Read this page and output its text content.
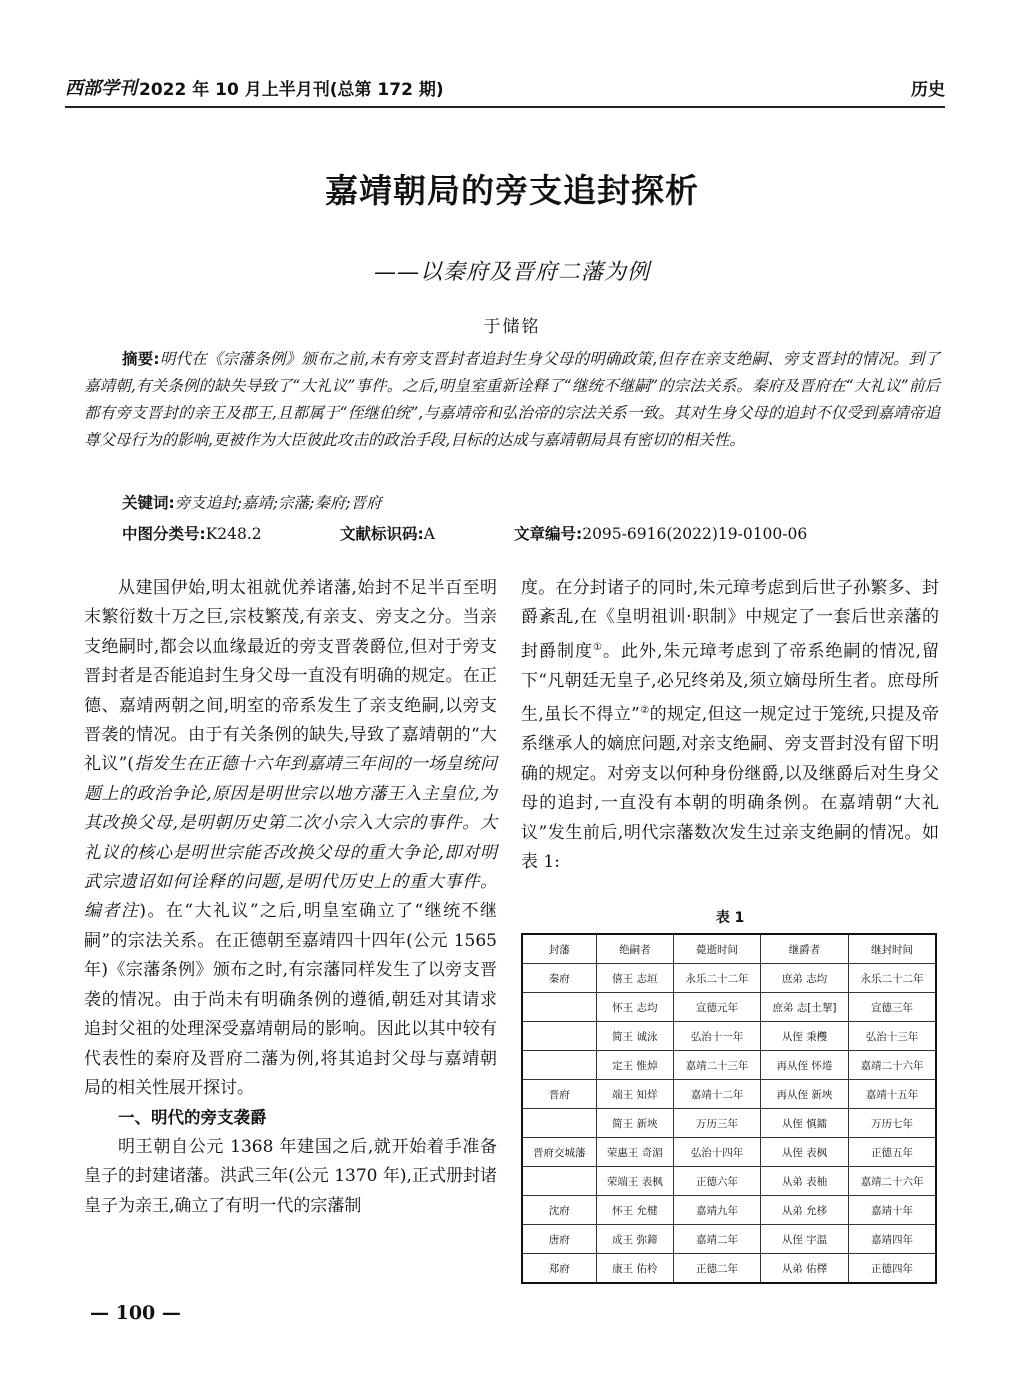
西部学刊 2022 年 10 月上半月刊(总第 172 期)	历史
嘉靖朝局的旁支追封探析
——以秦府及晋府二藩为例
于储铭
摘要:明代在《宗藩条例》颁布之前,未有旁支晋封者追封生身父母的明确政策,但存在亲支绝嗣、旁支晋封的情况。到了嘉靖朝,有关条例的缺失导致了“大礼议”事件。之后,明皇室重新诠释了“继统不继嗣”的宗法关系。秦府及晋府在“大礼议”前后都有旁支晋封的亲王及郡王,且都属于“侄继伯统”,与嘉靖帝和弘治帝的宗法关系一致。其对生身父母的追封不仅受到嘉靖帝追尊父母行为的影响,更被作为大臣彼此攻击的政治手段,目标的达成与嘉靖朝局具有密切的相关性。
关键词:旁支追封;嘉靖;宗藩;秦府;晋府
中图分类号:K248.2	文献标识码:A	文章编号:2095-6916(2022)19-0100-06

从建国伊始,明太祖就优养诸藩,始封不足半百至明末繁衍数十万之巨,宗枝繁茂,有亲支、旁支之分。当亲支绝嗣时,都会以血缘最近的旁支晋袭爵位,但对于旁支晋封者是否能追封生身父母一直没有明确的规定。在正德、嘉靖两朝之间,明室的帝系发生了亲支绝嗣,以旁支晋袭的情况。由于有关条例的缺失,导致了嘉靖朝的“大礼议”(指发生在正德十六年到嘉靖三年间的一场皇统问题上的政治争论,原因是明世宗以地方藩王入主皇位,为其改换父母,是明朝历史第二次小宗入大宗的事件。大礼议的核心是明世宗能否改换父母的重大争论,即对明武宗遗诏如何诠释的问题,是明代历史上的重大事件。编者注)。在“大礼议”之后,明皇室确立了“继统不继嗣”的宗法关系。在正德朝至嘉靖四十四年(公元 1565 年)《宗藩条例》颁布之时,有宗藩同样发生了以旁支晋袭的情况。由于尚未有明确条例的遵循,朝廷对其请求追封父祖的处理深受嘉靖朝局的影响。因此以其中较有代表性的秦府及晋府二藩为例,将其追封父母与嘉靖朝局的相关性展开探讨。

一、明代的旁支袭爵

明王朝自公元 1368 年建国之后,就开始着手准备皇子的封建诸藩。洪武三年(公元 1370 年),正式册封诸皇子为亲王,确立了有明一代的宗藩制

度。在分封诸子的同时,朱元璋考虑到后世子孙繁多、封爵紊乱,在《皇明祖训·职制》中规定了一套后世亲藩的封爵制度①。此外,朱元璋考虑到了帝系绝嗣的情况,留下“凡朝廷无皇子,必兄终弟及,须立嫡母所生者。庶母所生,虽长不得立”②的规定,但这一规定过于笼统,只提及帝系继承人的嫡庶问题,对亲支绝嗣、旁支晋封没有留下明确的规定。对旁支以何种身份继爵,以及继爵后对生身父母的追封,一直没有本朝的明确条例。在嘉靖朝“大礼议”发生前后,明代宗藩数次发生过亲支绝嗣的情况。如表 1:

表 1
封藩	绝嗣者	薨逝时间	继爵者	继封时间
秦府	僖王 志垣	永乐二十二年	庶弟 志均	永乐二十二年
	怀王 志均	宣德元年	庶弟 志[土挈]	宣德三年
	简王 诚泳	弘治十一年	从侄 秉欆	弘治十三年
	定王 惟焯	嘉靖二十三年	再从侄 怀埢	嘉靖二十六年
晋府	端王 知烊	嘉靖十二年	再从侄 新埉	嘉靖十五年
	简王 新埉	万历三年	从侄 慎鐳	万历七年
晋府交城藩	荣惠王 奇湄	弘治十四年	从侄 表枫	正德五年
	荣端王 表枫	正德六年	从弟 表柚	嘉靖二十六年
沈府	怀王 允楗	嘉靖九年	从弟 允栘	嘉靖十年
唐府	成王 弥鍗	嘉靖二年	从侄 宇温	嘉靖四年
郑府	康王 佑柃	正德二年	从弟 佑檡	正德四年
— 100 —
